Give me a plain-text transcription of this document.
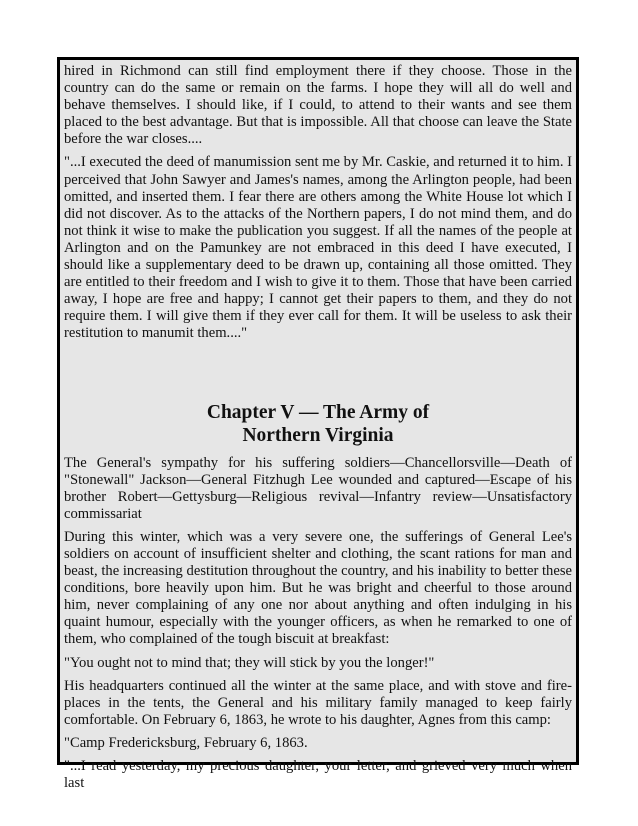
hired in Richmond can still find employment there if they choose. Those in the country can do the same or remain on the farms. I hope they will all do well and behave themselves. I should like, if I could, to attend to their wants and see them placed to the best advantage. But that is impossible. All that choose can leave the State before the war closes....

"...I executed the deed of manumission sent me by Mr. Caskie, and returned it to him. I perceived that John Sawyer and James's names, among the Arlington people, had been omitted, and inserted them. I fear there are others among the White House lot which I did not discover. As to the attacks of the Northern papers, I do not mind them, and do not think it wise to make the publication you suggest. If all the names of the people at Arlington and on the Pamunkey are not embraced in this deed I have executed, I should like a supplementary deed to be drawn up, containing all those omitted. They are entitled to their freedom and I wish to give it to them. Those that have been carried away, I hope are free and happy; I cannot get their papers to them, and they do not require them. I will give them if they ever call for them. It will be useless to ask their restitution to manumit them...."

Chapter V — The Army of
Northern Virginia

The General's sympathy for his suffering soldiers—Chancellorsville—Death of "Stonewall" Jackson—General Fitzhugh Lee wounded and captured—Escape of his brother Robert—Gettysburg—Religious revival—Infantry review—Unsatisfactory commissariat

During this winter, which was a very severe one, the sufferings of General Lee's soldiers on account of insufficient shelter and clothing, the scant rations for man and beast, the increasing destitution throughout the country, and his inability to better these conditions, bore heavily upon him. But he was bright and cheerful to those around him, never complaining of any one nor about anything and often indulging in his quaint humour, especially with the younger officers, as when he remarked to one of them, who complained of the tough biscuit at breakfast:

"You ought not to mind that; they will stick by you the longer!"

His headquarters continued all the winter at the same place, and with stove and fire-places in the tents, the General and his military family managed to keep fairly comfortable. On February 6, 1863, he wrote to his daughter, Agnes from this camp:

"Camp Fredericksburg, February 6, 1863.

"...I read yesterday, my precious daughter, your letter, and grieved very much when last
